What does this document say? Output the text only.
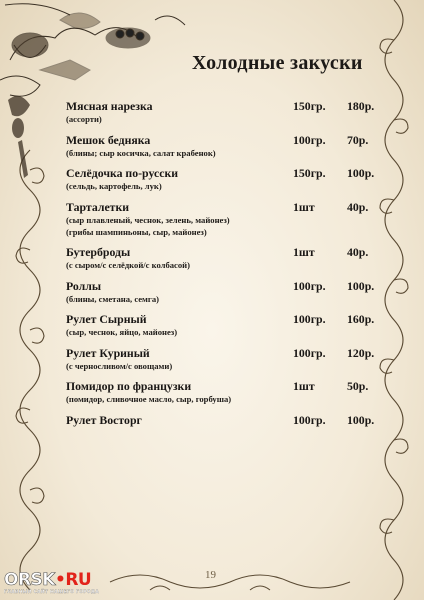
Холодные закуски
Мясная нарезка	150гр. 180р.
(ассорти)
Мешок бедняка	100гр. 70р.
(блины; сыр косичка, салат крабенок)
Селёдочка по-русски	150гр. 100р.
(сельдь, картофель, лук)
Тарталетки	1шт	40р.
(сыр плавленый, чеснок, зелень, майонез)
(грибы шампиньоны, сыр, майонез)
Бутерброды	1шт	40р.
(с сыром/с селёдкой/с колбасой)
Роллы	100гр. 100р.
(блины, сметана, семга)
Рулет Сырный	100гр. 160р.
(сыр, чеснок, яйцо, майонез)
Рулет Куриный	100гр. 120р.
(с черносливом/с овощами)
Помидор по французки	1шт	50р.
(помидор, сливочное масло, сыр, горбуша)
Рулет Восторг	100гр. 100р.
19
ORSK•RU
ГЛАВНЫЙ САЙТ НАШЕГО ГОРОДА
